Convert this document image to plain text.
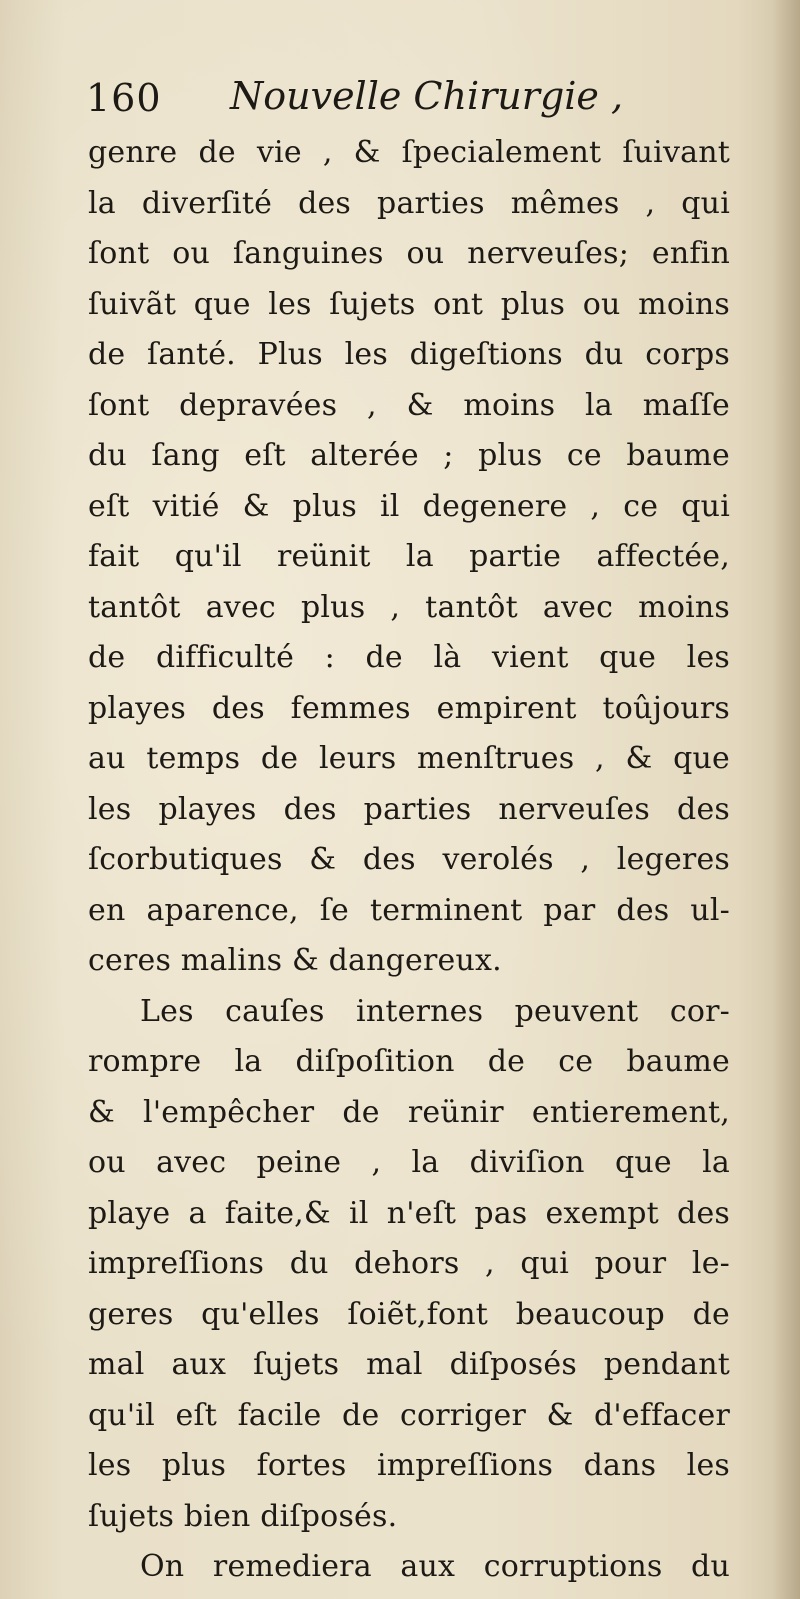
160 Nouvelle Chirurgie ,
genre de vie , & ſpecialement ſuivant
la diverſité des parties mêmes , qui
ſont ou ſanguines ou nerveuſes; enfin
ſuivãt que les ſujets ont plus ou moins
de ſanté. Plus les digeſtions du corps
ſont depravées , & moins la maſſe
du ſang eſt alterée ; plus ce baume
eſt vitié & plus il degenere , ce qui
fait qu'il reünit la partie affectée,
tantôt avec plus , tantôt avec moins
de difficulté : de là vient que les
playes des femmes empirent toûjours
au temps de leurs menſtrues , & que
les playes des parties nerveuſes des
ſcorbutiques & des verolés , legeres
en aparence, ſe terminent par des ul-
ceres malins & dangereux.
Les cauſes internes peuvent cor-
rompre la diſpoſition de ce baume
& l'empêcher de reünir entierement,
ou avec peine , la diviſion que la
playe a faite,& il n'eſt pas exempt des
impreſſions du dehors , qui pour le-
geres qu'elles ſoiẽt,font beaucoup de
mal aux ſujets mal diſposés pendant
qu'il eſt facile de corriger & d'effacer
les plus fortes impreſſions dans les
ſujets bien diſposés.
On remediera aux corruptions du
